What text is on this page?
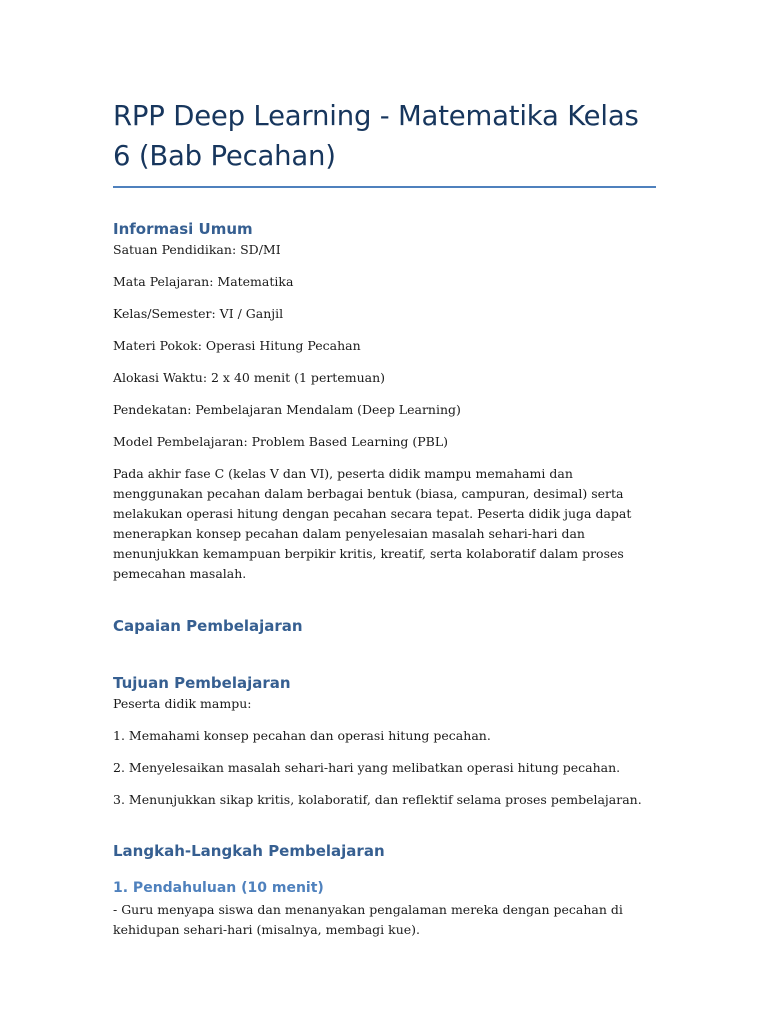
RPP Deep Learning - Matematika Kelas 6 (Bab Pecahan)
Informasi Umum

Satuan Pendidikan: SD/MI

Mata Pelajaran: Matematika

Kelas/Semester: VI / Ganjil

Materi Pokok: Operasi Hitung Pecahan

Alokasi Waktu: 2 x 40 menit (1 pertemuan)

Pendekatan: Pembelajaran Mendalam (Deep Learning)

Model Pembelajaran: Problem Based Learning (PBL)

Pada akhir fase C (kelas V dan VI), peserta didik mampu memahami dan menggunakan pecahan dalam berbagai bentuk (biasa, campuran, desimal) serta melakukan operasi hitung dengan pecahan secara tepat. Peserta didik juga dapat menerapkan konsep pecahan dalam penyelesaian masalah sehari-hari dan menunjukkan kemampuan berpikir kritis, kreatif, serta kolaboratif dalam proses pemecahan masalah.

Capaian Pembelajaran
Tujuan Pembelajaran

Peserta didik mampu:

1. Memahami konsep pecahan dan operasi hitung pecahan.

2. Menyelesaikan masalah sehari-hari yang melibatkan operasi hitung pecahan.

3. Menunjukkan sikap kritis, kolaboratif, dan reflektif selama proses pembelajaran.

Langkah-Langkah Pembelajaran
1. Pendahuluan (10 menit)

- Guru menyapa siswa dan menanyakan pengalaman mereka dengan pecahan di kehidupan sehari-hari (misalnya, membagi kue).
